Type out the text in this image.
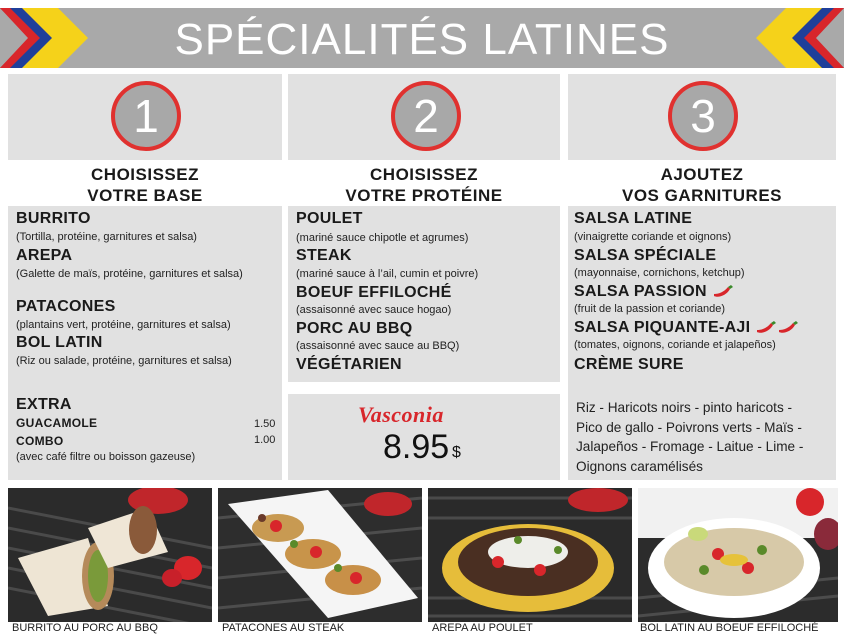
SPÉCIALITÉS LATINES
1	2	3
CHOISISSEZ
VOTRE BASE
CHOISISSEZ
VOTRE PROTÉINE
AJOUTEZ
VOS GARNITURES
BURRITO
(Tortilla, protéine, garnitures et salsa)
AREPA
(Galette de maïs, protéine, garnitures et salsa)
PATACONES
(plantains vert, protéine, garnitures et salsa)
BOL LATIN
(Riz ou salade, protéine, garnitures et salsa)
EXTRA
GUACAMOLE	1.50
COMBO	1.00
(avec café filtre ou boisson gazeuse)
POULET
(mariné sauce chipotle et agrumes)
STEAK
(mariné sauce à l’ail, cumin et poivre)
BOEUF EFFILOCHÉ
(assaisonné avec sauce hogao)
PORC AU BBQ
(assaisonné avec sauce au BBQ)
VÉGÉTARIEN
Vasconia
8.95 $
SALSA LATINE
(vinaigrette coriande et oignons)
SALSA SPÉCIALE
(mayonnaise, cornichons, ketchup)
SALSA PASSION
(fruit de la passion et coriande)
SALSA PIQUANTE-AJI
(tomates, oignons, coriande et jalapeños)
CRÈME SURE
Riz - Haricots noirs - pinto haricots -
Pico de gallo - Poivrons verts - Maïs -
Jalapeños - Fromage - Laitue - Lime -
Oignons caramélisés
BURRITO AU PORC AU BBQ	PATACONES AU STEAK	AREPA AU POULET	BOL LATIN AU BOEUF EFFILOCHÉ
